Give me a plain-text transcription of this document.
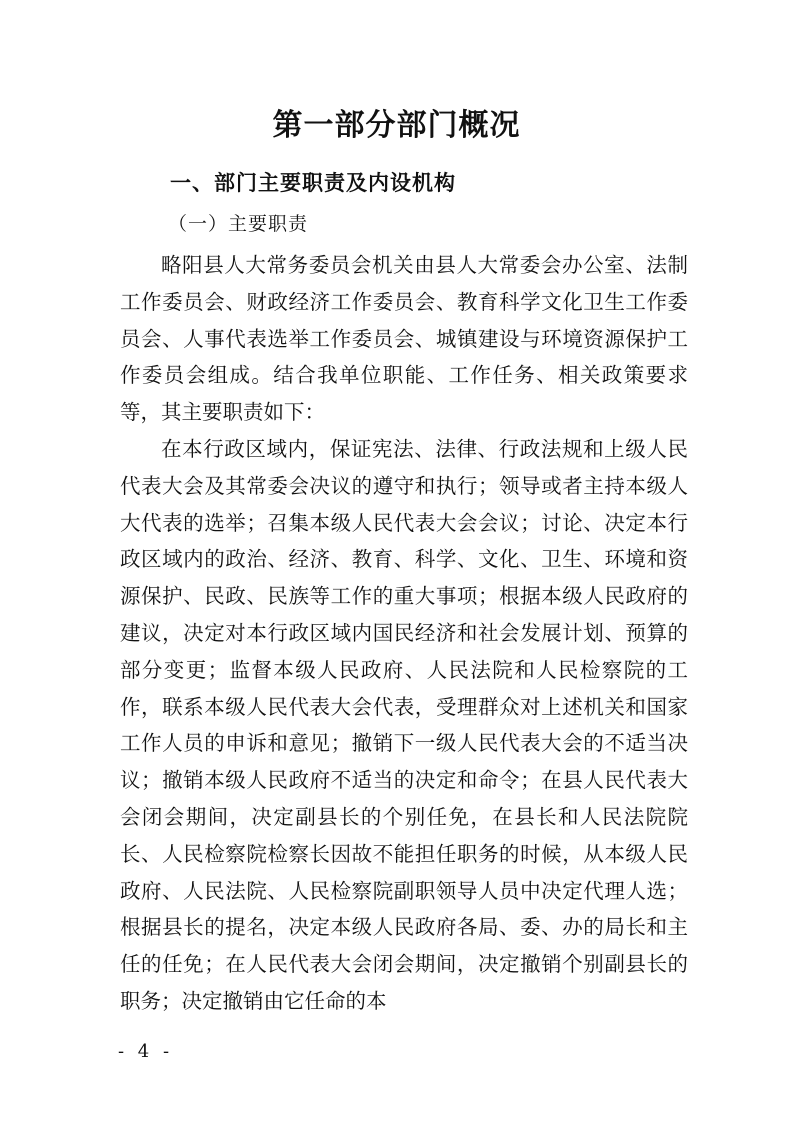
第一部分部门概况
一、部门主要职责及内设机构
（一）主要职责

略阳县人大常务委员会机关由县人大常委会办公室、法制工作委员会、财政经济工作委员会、教育科学文化卫生工作委员会、人事代表选举工作委员会、城镇建设与环境资源保护工作委员会组成。结合我单位职能、工作任务、相关政策要求等，其主要职责如下：

在本行政区域内，保证宪法、法律、行政法规和上级人民代表大会及其常委会决议的遵守和执行；领导或者主持本级人大代表的选举；召集本级人民代表大会会议；讨论、决定本行政区域内的政治、经济、教育、科学、文化、卫生、环境和资源保护、民政、民族等工作的重大事项；根据本级人民政府的建议，决定对本行政区域内国民经济和社会发展计划、预算的部分变更；监督本级人民政府、人民法院和人民检察院的工作，联系本级人民代表大会代表，受理群众对上述机关和国家工作人员的申诉和意见；撤销下一级人民代表大会的不适当决议；撤销本级人民政府不适当的决定和命令；在县人民代表大会闭会期间，决定副县长的个别任免，在县长和人民法院院长、人民检察院检察长因故不能担任职务的时候，从本级人民政府、人民法院、人民检察院副职领导人员中决定代理人选；根据县长的提名，决定本级人民政府各局、委、办的局长和主任的任免；在人民代表大会闭会期间，决定撤销个别副县长的职务；决定撤销由它任命的本

- 4 -
